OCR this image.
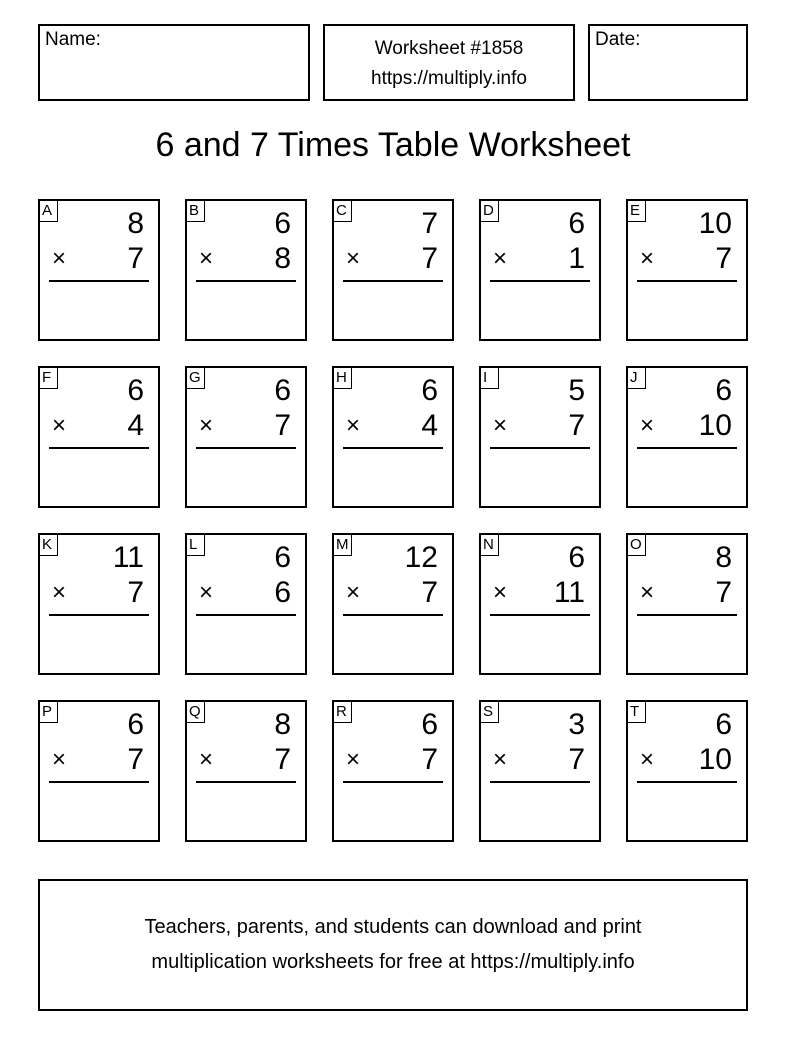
Name:	Worksheet #1858
https://multiply.info
Date:
6 and 7 Times Table Worksheet
A	8
× 7
B	6
× 8
C 7
× 7
D 6
× 1
E 10
× 7
F	6
× 4
G 6
× 7
H 6
× 4
I	5
× 7
J	6
× 10
K 11
× 7
L	6
× 6
M 12
× 7
N 6
× 11
O 8
× 7
P	6
× 7
Q 8
× 7
R 6
× 7
S	3
× 7
T	6
× 10
Teachers, parents, and students can download and print
multiplication worksheets for free at https://multiply.info
